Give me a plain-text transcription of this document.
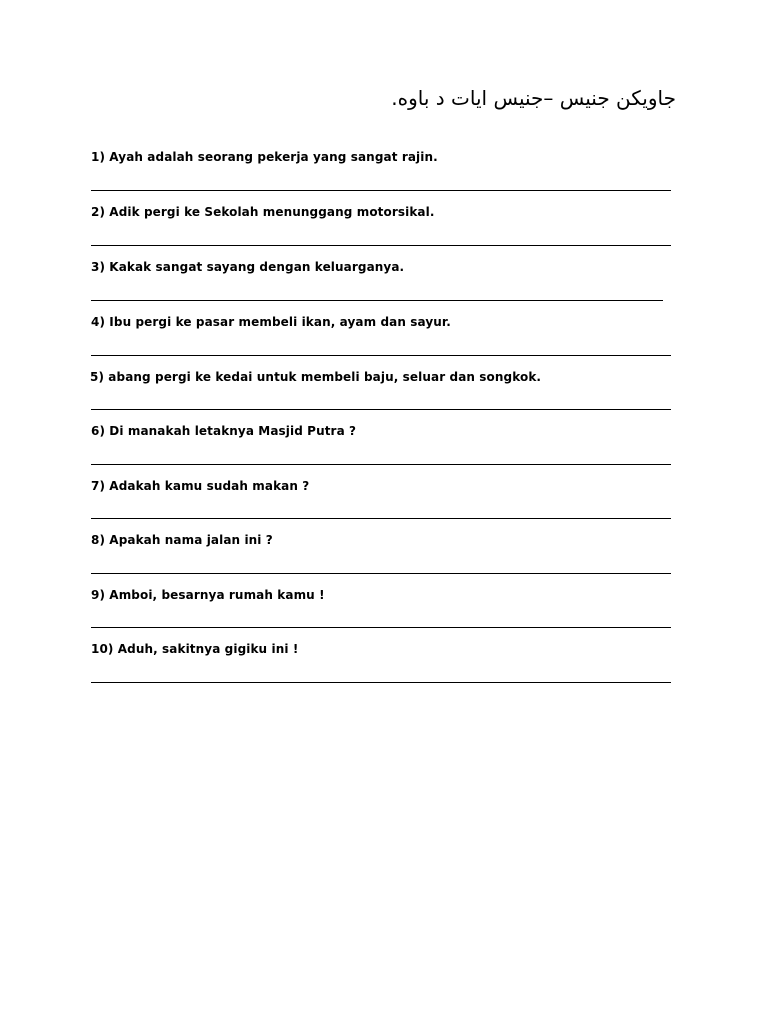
جاويكن جنيس –جنيس ايات د باوه.
1) Ayah adalah seorang pekerja yang sangat rajin.
2) Adik pergi ke Sekolah menunggang motorsikal.
3) Kakak sangat sayang dengan keluarganya.
4) Ibu pergi ke pasar membeli ikan, ayam dan sayur.
5) abang pergi ke kedai untuk membeli baju, seluar dan songkok.
6) Di manakah letaknya Masjid Putra ?
7) Adakah kamu sudah makan ?
8) Apakah nama jalan ini ?
9) Amboi, besarnya rumah kamu !
10) Aduh, sakitnya gigiku ini !
